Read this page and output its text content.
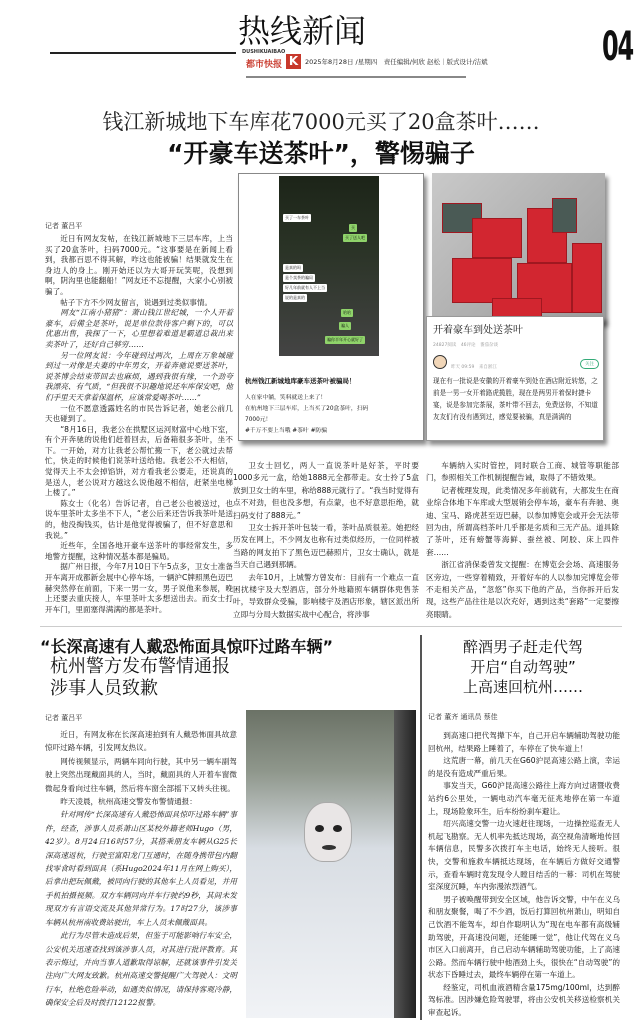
热线新闻
DUSHIKUAIBAO
都市快报 K	2025年8月28日 /星期四　责任编辑/何欣 赵松｜版式设计/洁斌	04
钱江新城地下车库花7000元买了20盒茶叶……
“开豪车送茶叶”，警惕骗子
记者 董吕平

近日有网友发帖，在钱江新城地下三层车库，上当买了20盒茶叶，扫码7000元。“这事要是在新闻上看到，我都百思不得其解，咋这也能被骗！结果就发生在身边人的身上。刚开始还以为大哥开玩笑呢，没想到啊，阴沟里也能翻船！”网友还不忘提醒，大家小心别被骗了。

帖子下方不少网友留言，说遇到过类似事情。

网友“江南小猪猪”：萧山钱江世纪城，一个人开着豪车，后備全是茶叶，说是单位款待客户剩下的，可以优惠出售，我探了一下，心里想着难道是霸道总裁出来卖茶叶了，还好自己够穷……

另一位网友说：今年碰到过两次，上周在万象城碰到过一对像是夫妻的中年男女，开着奔驰说要送茶叶，说茶博会结束带回去也麻烦，遇到我很有缘，一个劲夸我漂亮、有气质，“但我很不识趣地说还车库保安吧，他们手里天天拿着保温杯，应该常爱喝茶叶……”

一位不愿意透露姓名的市民告诉记者，她老公前几天也碰到了。

“8月16日，我老公在拱墅区运河财富中心地下室，有个开奔驰的说他们赶着回去，后备箱很多茶叶，坐不下。一开始，对方让我老公帮忙搬一下，老公就过去帮忙，快走的时候他们说茶叶送给他。我老公不大相信，觉得天上不太会掉馅饼，对方看我老公要走，还说真的是送人，老公说对方越这么说他越不相信，赶紧坐电梯上楼了。”

陈女士（化名）告诉记者，自己老公也被送过，也说车里茶叶太多坐不下人，“老公后来还告诉我茶叶是送的，他没掏钱买，估计是他觉得被骗了，但不好意思和我说。”

近些年，全国各地开豪车送茶叶的事经常发生，多地警方提醒，这种情况基本都是骗局。

据广州日报，今年7月10日下午5点多，卫女士准备开车离开成都新会展中心停车场，一辆沪C牌照黑色迈巴赫突然停在前面，下来一男一女，男子说他来参展，晚上还要去重庆接人，车里茶叶太多想送出去。而女士打开车门，里面塞得满满的都是茶叶。

买了一车茶叶
买
买了送人吧
是真的吗
是个卖茶的骗局
好几年前就有人不上当
说的是真的
哈哈
骗人
骗你半年开心就好了
杭州钱江新城地库豪车送茶叶被骗局！
人在家中躺，笑料就送上来了！
在杭州地下三层车库，上当买了20盒茶叶，扫码
7000元！
#千万不要上当哦 #茶叶 #防骗
开着豪车到处送茶叶
24827阅读　46评论　番茄杂谈
昨天 09:59　来自浙江
关注
现在有一批说是安徽的开着豪车到处在酒店附近转悠，之前是一男一女开着路虎揽胜，现在是两男开着保时捷卡宴，说是参加完茶展，茶叶带不回去，免费送你，不知道友友们有没有遇到过，感觉要被骗，真是满满的

卫女士回忆，两人一直说茶叶是好茶，平时要1000多元一盒，给她1888元全都带走。女士拎了5盒放到卫女士的车里，称给888元就行了。“我当时觉得有点不对劲，但也没多想，有点蒙，也不好意思拒绝，就扫码支付了888元。”

卫女士拆开茶叶包装一看，茶叶品质很差。她把经历发在网上，不少网友也称有过类似经历，一位同样被当路的网友拍下了黑色迈巴赫照片，卫女士确认，就是当天自己遇到那辆。

去年10月，上城警方曾发布：目前有一个难点一直困扰楼宇及大型酒店，部分外地籍照车辆群体兜售茶叶，导致群众受骗，影响楼宇及酒店形象，辖区派出所立即与分局大数据实战中心配合，将涉事

车辆纳入实时管控，同时联合工商、城管等职能部门，参照相关工作机制提醒告诫，取得了不错效果。

记者梳理发现，此类情况多年前就有，大都发生在商业综合体地下车库或大型展销会停车场，豪车有奔驰、奥迪、宝马、路虎甚至迈巴赫，以参加博览会或开会无法带回为由，所谓高档茶叶几乎都是劣质和三无产品。道具除了茶叶，还有螃蟹等海鲜、蚕丝被、阿胶、床上四件套……

浙江省消保委曾发文提醒：在博览会会场、高速服务区旁边，一些穿着精致，开着好车的人以参加完博览会带不走相关产品，“忽悠”你买下他的产品，当你拆开后发现，这些产品往往是以次充好，遇到这类“套路”一定要擦亮眼睛。

“长深高速有人戴恐怖面具惊吓过路车辆”
杭州警方发布警情通报
涉事人员致歉
记者 董吕平

近日，有网友称在长深高速拍到有人戴恐怖面具故意惊吓过路车辆，引发网友热议。

网传视频显示，两辆车同向行驶，其中另一辆车副驾驶上突然出现戴面具的人，当时，戴面具的人开着车窗微微起身看向过往车辆，然后将车窗全部摇下又转头往视。

昨天凌晨，杭州高速交警发布警情通报：

针对网传“长深高速有人戴恐怖面具惊吓过路车辆”事件，经查，涉事人员系萧山区某校外籍老师Hugo（男，42岁）。8月24日16时57分，其搭乘朋友车辆从G25长深高速返杭，行驶至富阳龙门互通时，在随身携带包内翻找零食时看到面具（系Hugo2024年11月在网上购买），后拿出把玩佩戴，被同向行驶的其他车上人员看见，并用手机拍摄视频。双方车辆同向并车行驶约9秒，其间未发现双方有言语交流及其他异常行为。17时27分，该涉事车辆从杭州南收费站驶出，车上人员未佩戴面具。

此行为尽管未造成后果，但鉴于可能影响行车安全，公安机关迅速查找到该涉事人员，对其进行批评教育。其表示悔过，并向当事人道歉取得谅解，还就该事件引发关注向广大网友致歉。杭州高速交警提醒广大驾驶人：文明行车，杜绝危险举动，如遇类似情况，请保持客观冷静，确保安全后及时拨打12122报警。

醉酒男子赶走代驾
开启“自动驾驶”
上高速回杭州……
记者 董齐 通讯员 蔡佳

到高速口把代驾撵下车，自己开启车辆辅助驾驶功能回杭州，结果路上睡着了，车停在了快车道上！

这荒唐一幕，前几天在G60沪昆高速公路上演，幸运的是没有造成严重后果。

事发当天，G60沪昆高速公路往上海方向过诸暨收费站约6公里处，一辆电动汽车毫无征兆地停在第一车道上，现场险象环生，后车纷纷刹车避让。

绍兴高速交警一边火速赶往现场，一边操控巡查无人机起飞勘察。无人机率先抵达现场，高空视角清晰地传回车辆信息，民警多次拨打车主电话，始终无人接听。很快，交警和施救车辆抵达现场，在车辆后方做好交通警示，查看车辆时竟发现令人瞠目结舌的一幕：司机在驾驶室深度沉睡，车内弥漫浓烈酒气。

男子被唤醒带到安全区域，他告诉交警，中午在义乌和朋友聚餐，喝了不少酒，饭后打算回杭州萧山，明知自己饮酒不能驾车，却自作聪明认为“现在电车都有高级辅助驾驶，开高速没问题，还能睡一觉”，他让代驾在义乌市区入口前离开，自己启动车辆辅助驾驶功能，上了高速公路。然而车辆行驶中他酒劲上头，很快在“自动驾驶”的状态下昏睡过去，最终车辆停在第一车道上。

经鉴定，司机血液酒精含量175mg/100ml，达到醉驾标准。因涉嫌危险驾驶罪，将由公安机关移送检察机关审查起诉。
